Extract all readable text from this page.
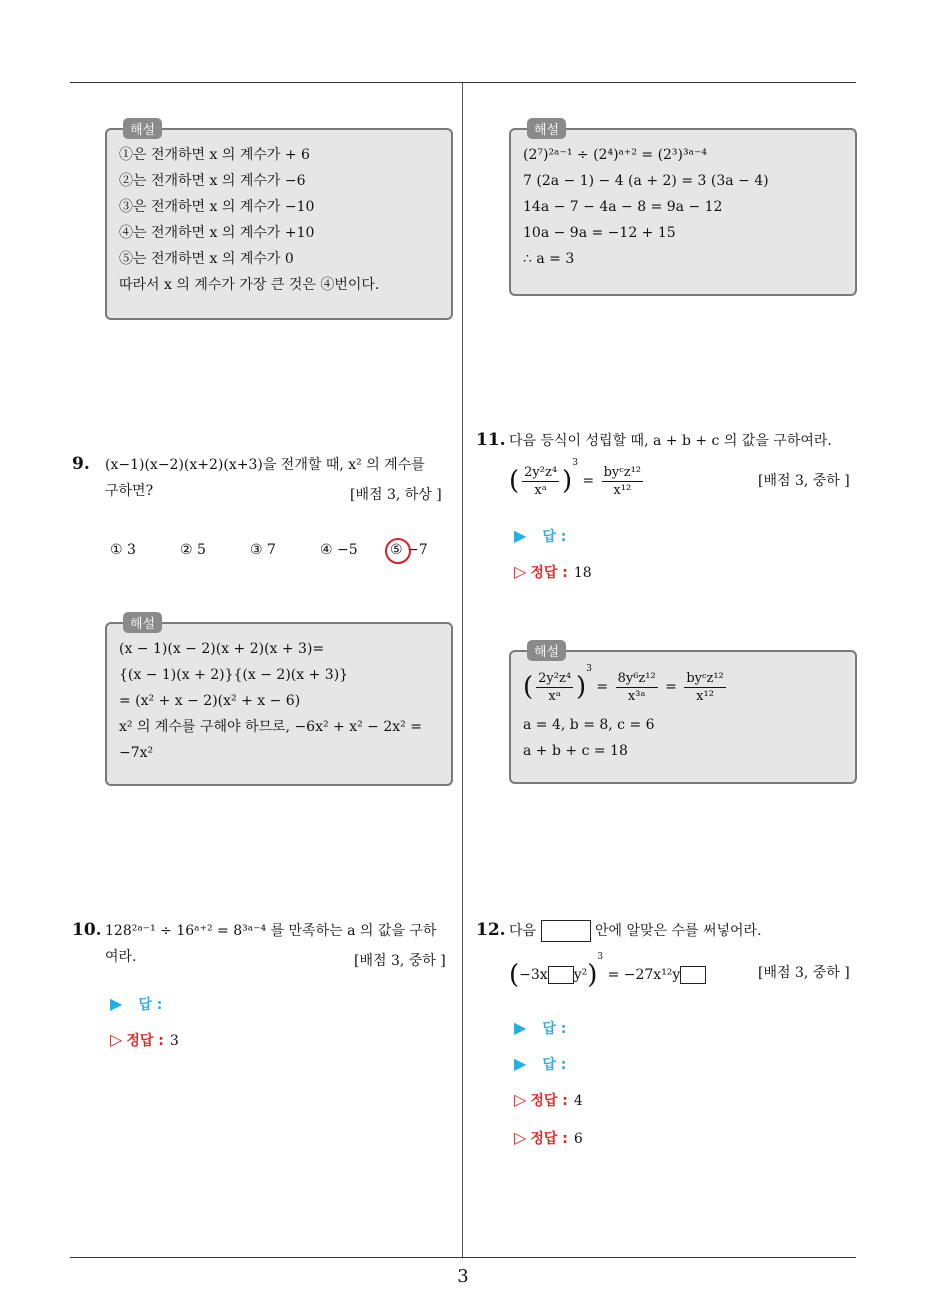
3
해설
①은 전개하면 x 의 계수가 + 6
②는 전개하면 x 의 계수가 −6
③은 전개하면 x 의 계수가 −10
④는 전개하면 x 의 계수가 +10
⑤는 전개하면 x 의 계수가 0
따라서 x 의 계수가 가장 큰 것은 ④번이다.
9. (x−1)(x−2)(x+2)(x+3)을 전개할 때, x² 의 계수를
구하면?	[배점 3, 하상 ]
① 3	② 5	③ 7	④ −5 ⑤ −7
해설
(x − 1)(x − 2)(x + 2)(x + 3)=
{(x − 1)(x + 2)}{(x − 2)(x + 3)}
= (x² + x − 2)(x² + x − 6)
x² 의 계수를 구해야 하므로, −6x² + x² − 2x² =
−7x²
10. 128²ᵃ⁻¹ ÷ 16ᵃ⁺² = 8³ᵃ⁻⁴ 를 만족하는 a 의 값을 구하
여라.	[배점 3, 중하 ]
▶ 답 :
▷ 정답 : 3
해설
(2⁷)²ᵃ⁻¹ ÷ (2⁴)ᵃ⁺² = (2³)³ᵃ⁻⁴
7 (2a − 1) − 4 (a + 2) = 3 (3a − 4)
14a − 7 − 4a − 8 = 9a − 12
10a − 9a = −12 + 15
∴ a = 3
11. 다음 등식이 성립할 때, a + b + c 의 값을 구하여라.
( $\frac{\text{2y²z⁴}}{\text{xᵃ}} )^3 = \frac{\text{byᶜz¹²}}{\text{x¹²}}$	[배점 3, 중하 ]
▶ 답 :
▷ 정답 : 18
해설
( $\frac{\text{2y²z⁴}}{\text{xᵃ}} )^3 = \frac{\text{8y⁶z¹²}}{\text{x³ᵃ}} = \frac{\text{byᶜz¹²}}{\text{x¹²}}$
a = 4, b = 8, c = 6
a + b + c = 18
12. 다음	안에 알맞은 수를 써넣어라.
(−3x y²)$^3$ = −27x¹²y	[배점 3, 중하 ]
▶ 답 :
▶ 답 :
▷ 정답 : 4
▷ 정답 : 6
